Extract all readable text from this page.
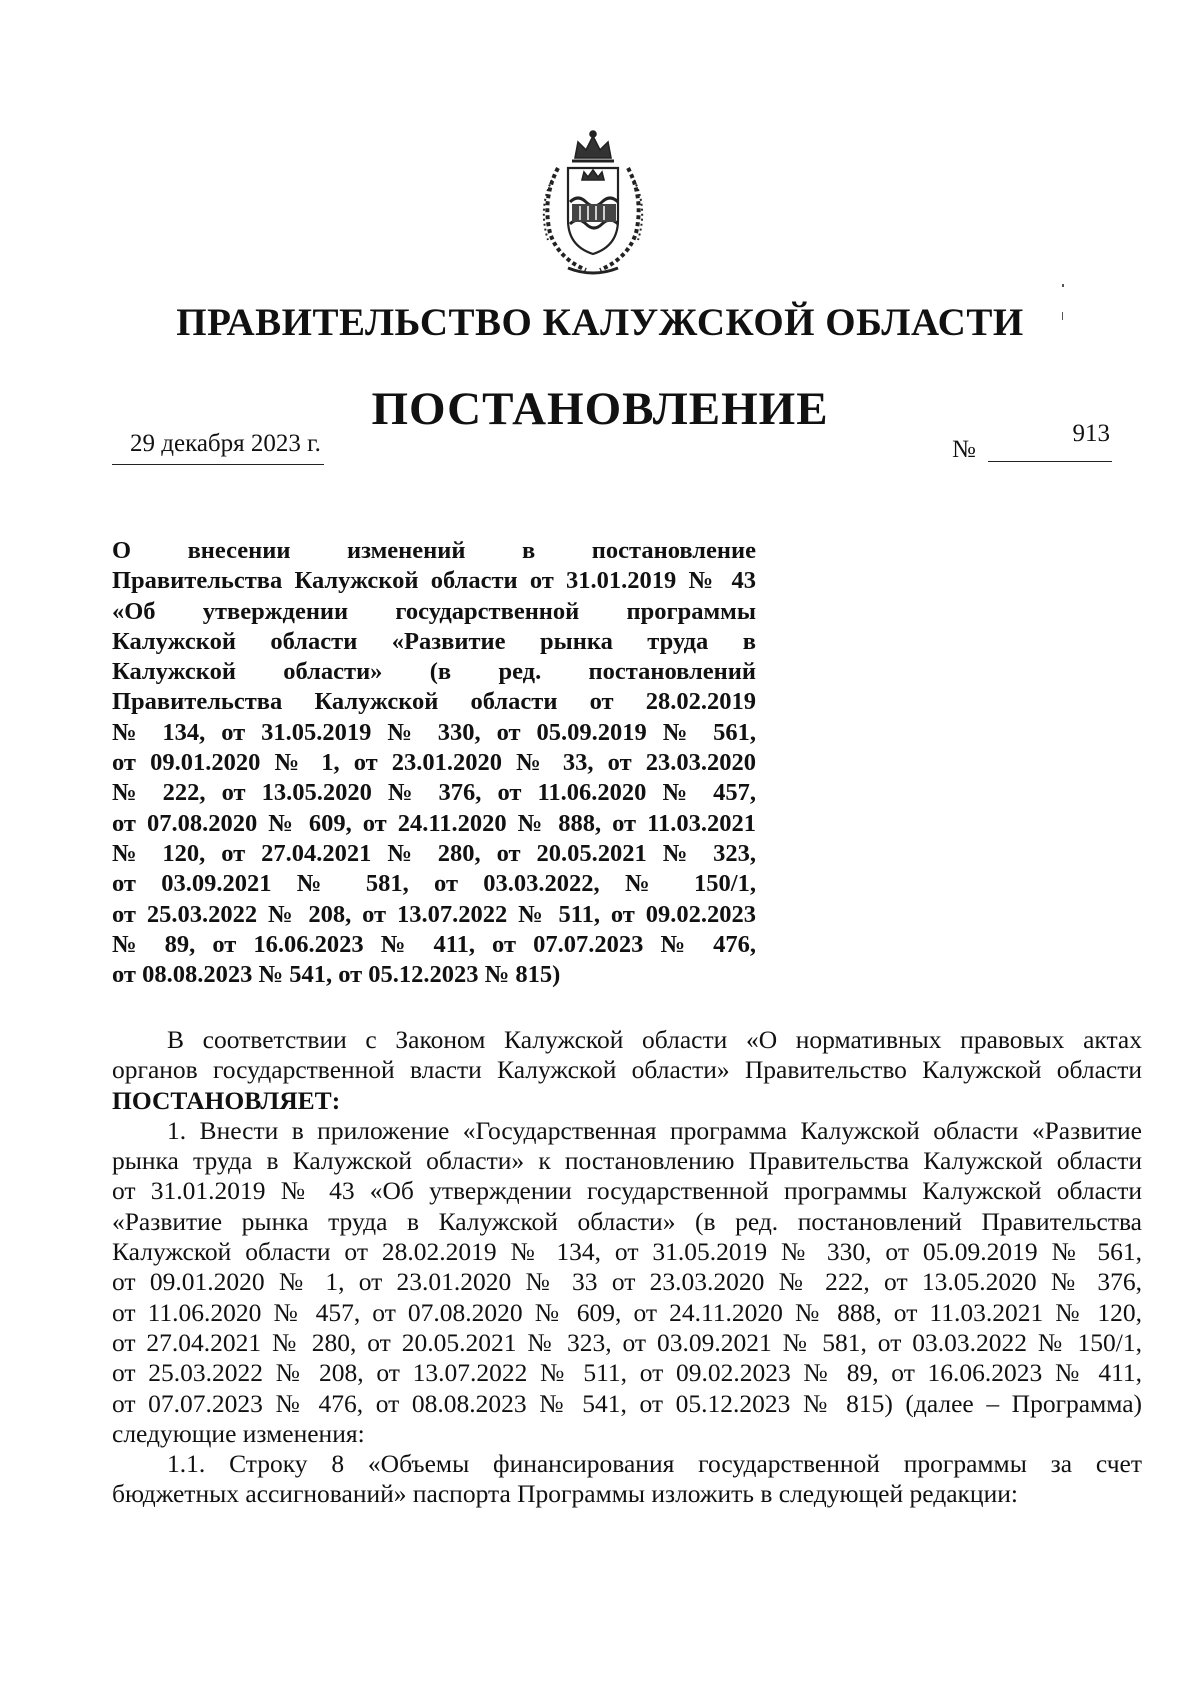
ПРАВИТЕЛЬСТВО КАЛУЖСКОЙ ОБЛАСТИ
ПОСТАНОВЛЕНИЕ
29 декабря 2023 г.	№
913
О внесении изменений в постановление
Правительства Калужской области от 31.01.2019 № 43
«Об утверждении государственной программы
Калужской области «Развитие рынка труда в
Калужской области» (в ред. постановлений
Правительства Калужской области от 28.02.2019
№ 134, от 31.05.2019 № 330, от 05.09.2019 № 561,
от 09.01.2020 № 1, от 23.01.2020 № 33, от 23.03.2020
№ 222, от 13.05.2020 № 376, от 11.06.2020 № 457,
от 07.08.2020 № 609, от 24.11.2020 № 888, от 11.03.2021
№ 120, от 27.04.2021 № 280, от 20.05.2021 № 323,
от 03.09.2021 № 581, от 03.03.2022, № 150/1,
от 25.03.2022 № 208, от 13.07.2022 № 511, от 09.02.2023
№ 89, от 16.06.2023 № 411, от 07.07.2023 № 476,
от 08.08.2023 № 541, от 05.12.2023 № 815)
В соответствии с Законом Калужской области «О нормативных правовых актах
органов государственной власти Калужской области» Правительство Калужской области
ПОСТАНОВЛЯЕТ:
1. Внести в приложение «Государственная программа Калужской области «Развитие
рынка труда в Калужской области» к постановлению Правительства Калужской области
от 31.01.2019 № 43 «Об утверждении государственной программы Калужской области
«Развитие рынка труда в Калужской области» (в ред. постановлений Правительства
Калужской области от 28.02.2019 № 134, от 31.05.2019 № 330, от 05.09.2019 № 561,
от 09.01.2020 № 1, от 23.01.2020 № 33 от 23.03.2020 № 222, от 13.05.2020 № 376,
от 11.06.2020 № 457, от 07.08.2020 № 609, от 24.11.2020 № 888, от 11.03.2021 № 120,
от 27.04.2021 № 280, от 20.05.2021 № 323, от 03.09.2021 № 581, от 03.03.2022 № 150/1,
от 25.03.2022 № 208, от 13.07.2022 № 511, от 09.02.2023 № 89, от 16.06.2023 № 411,
от 07.07.2023 № 476, от 08.08.2023 № 541, от 05.12.2023 № 815) (далее – Программа)
следующие изменения:
1.1. Строку 8 «Объемы финансирования государственной программы за счет
бюджетных ассигнований» паспорта Программы изложить в следующей редакции:
